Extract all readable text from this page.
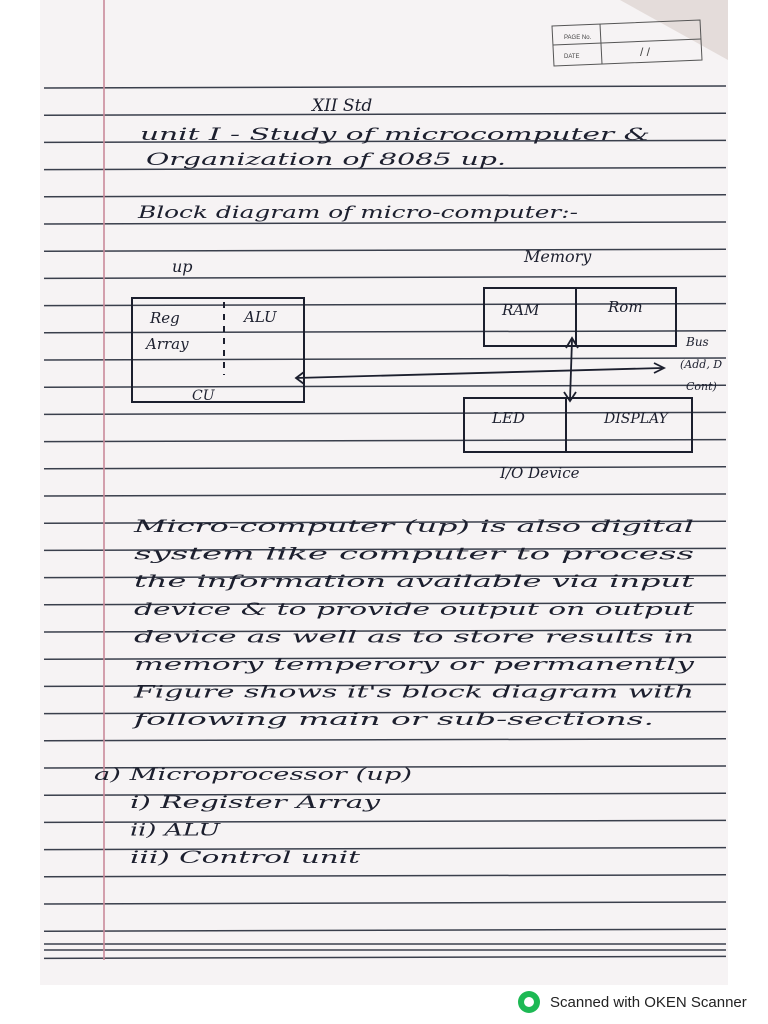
PAGE No.
DATE	/ /
XII Std
unit I - Study of microcomputer &
Organization of 8085 up.
Block diagram of micro-computer:-
up
Memory
Reg
Array
ALU
CU
RAM	Rom
Bus
(Add, D
Cont)
LED	DISPLAY
I/O Device
Micro-computer (up) is also digital
system like computer to process
the information available via input
device & to provide output on output
device as well as to store results in
memory temperory or permanently
Figure shows it's block diagram with
following main or sub-sections.
a) Microprocessor (up)
i) Register Array
ii) ALU
iii) Control unit
Scanned with OKEN Scanner
